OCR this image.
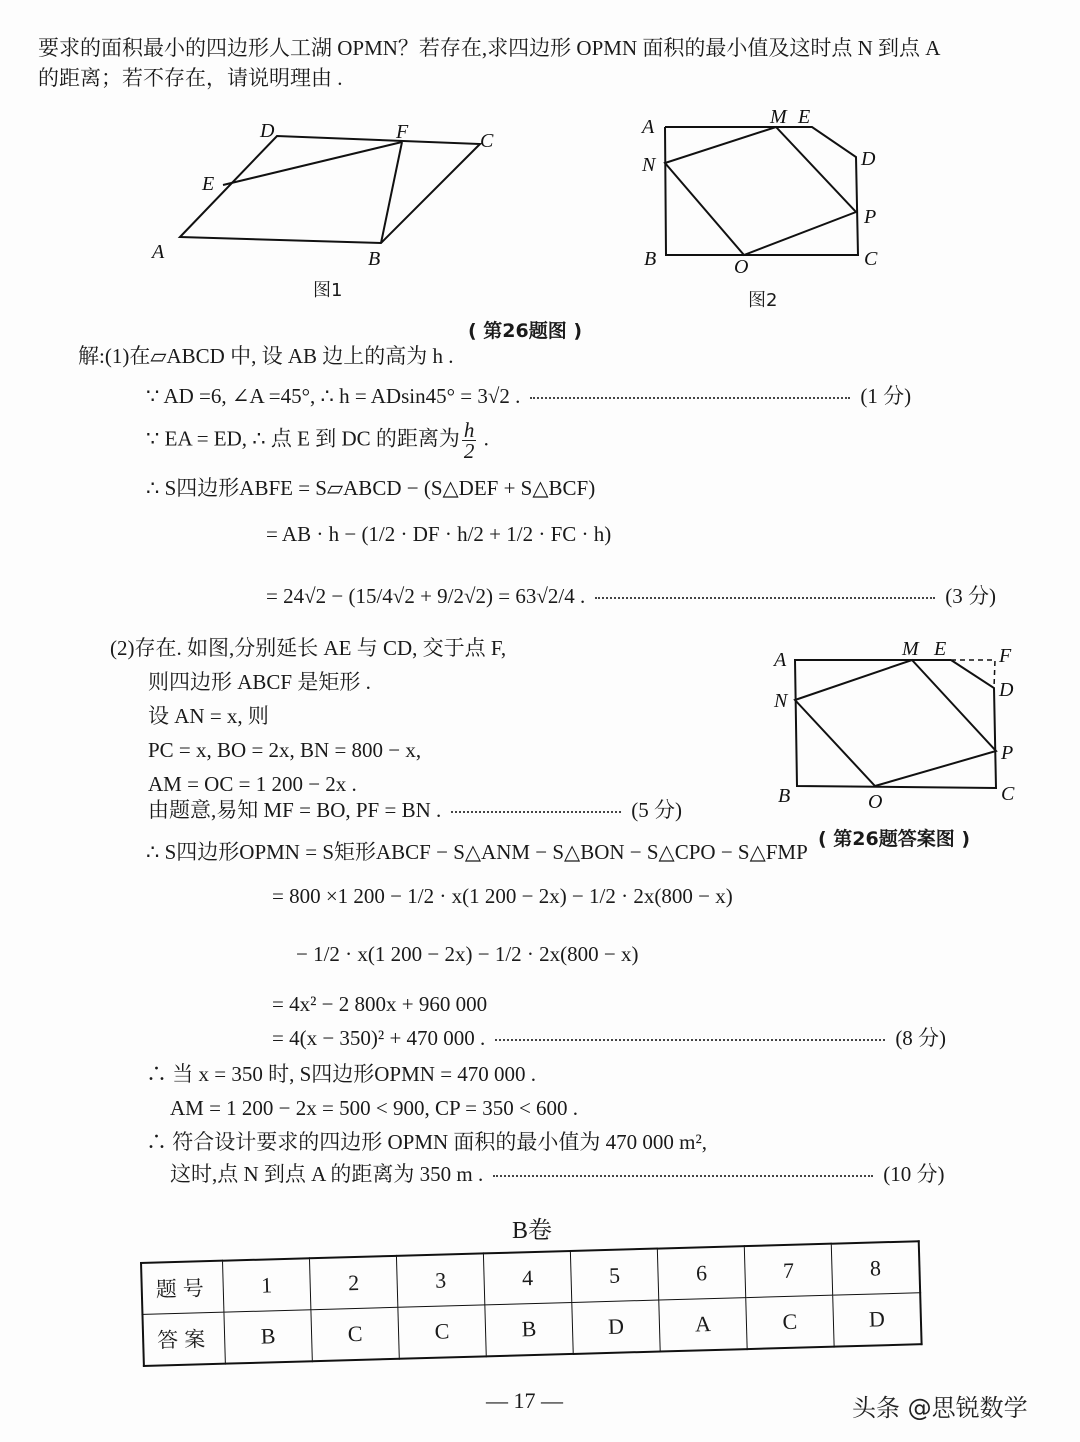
要求的面积最小的四边形人工湖 OPMN？若存在,求四边形 OPMN 面积的最小值及这时点 N 到点 A
的距离；若不存在，请说明理由 .
A	B
C
D
E
F
图1
A	M E
D
N
P
B	O	C
图2
( 第26题图 )
解:(1)在▱ABCD 中, 设 AB 边上的高为 h .
∵ AD =6, ∠A =45°, ∴ h = ADsin45° = 3√2 .	(1 分)
∵ EA = ED, ∴ 点 E 到 DC 的距离为 $\frac{h}{2}$ .
∴ S四边形ABFE = S▱ABCD − (S△DEF + S△BCF)
= AB · h − (1/2 · DF · h/2 + 1/2 · FC · h)
= 24√2 − (15/4√2 + 9/2√2) = 63√2/4 .	(3 分)
(2)存在. 如图,分别延长 AE 与 CD, 交于点 F,
则四边形 ABCF 是矩形 .
设 AN = x, 则
PC = x, BO = 2x, BN = 800 − x,
AM = OC = 1 200 − 2x .
由题意,易知 MF = BO, PF = BN .	(5 分)
∴ S四边形OPMN = S矩形ABCF − S△ANM − S△BON − S△CPO − S△FMP
= 800 ×1 200 − 1/2 · x(1 200 − 2x) − 1/2 · 2x(800 − x)
− 1/2 · x(1 200 − 2x) − 1/2 · 2x(800 − x)
= 4x² − 2 800x + 960 000
= 4(x − 350)² + 470 000 .	(8 分)
∴ 当 x = 350 时, S四边形OPMN = 470 000 .
AM = 1 200 − 2x = 500 < 900, CP = 350 < 600 .
∴ 符合设计要求的四边形 OPMN 面积的最小值为 470 000 m²,
这时,点 N 到点 A 的距离为 350 m .	(10 分)
A	M E	F
D
N
P
B	O	C
( 第26题答案图 )
B卷
题号	1	2	3	4	5	6	7	8
答案	B	C	C	B	D	A	C	D
— 17 —	头条 @思锐数学
